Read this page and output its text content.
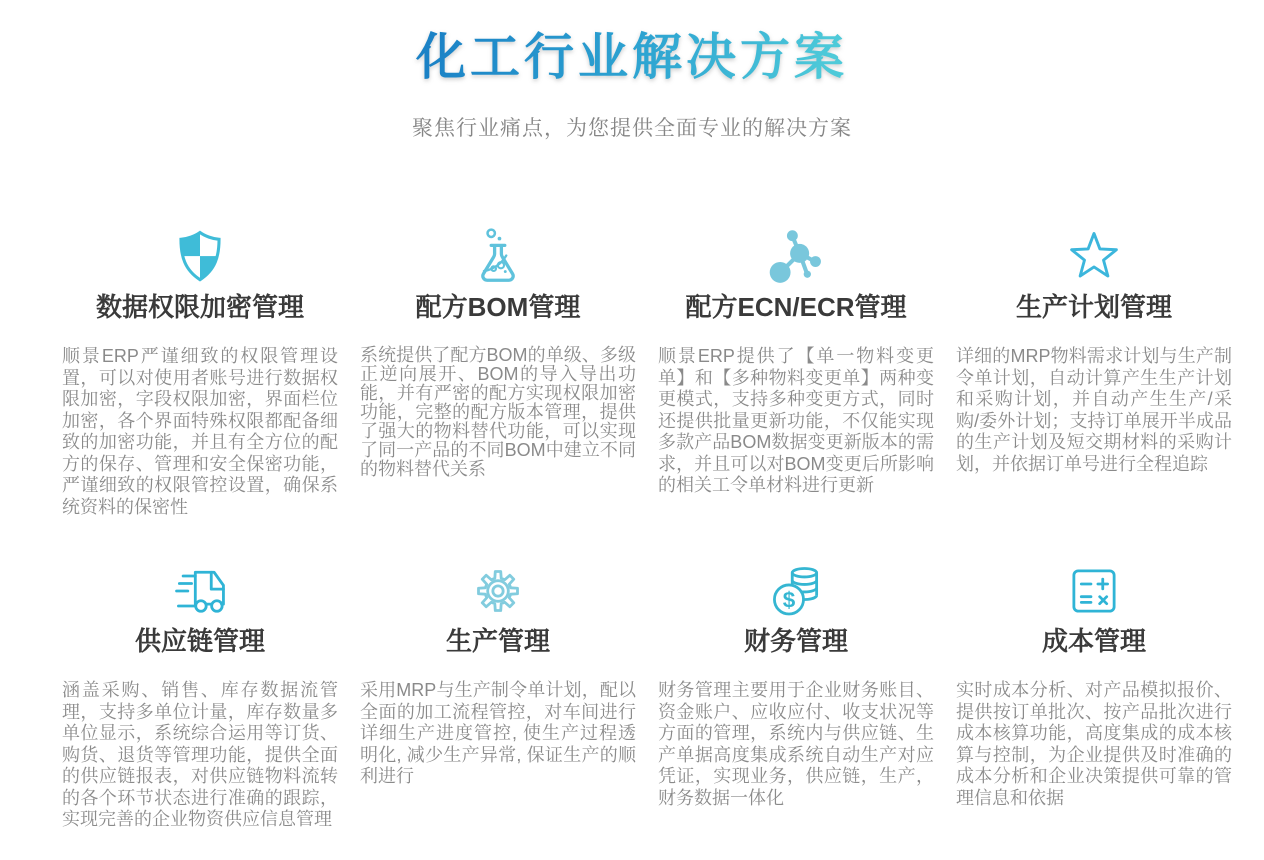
化工行业解决方案
聚焦行业痛点，为您提供全面专业的解决方案
数据权限加密管理

顺景ERP严谨细致的权限管理设置，可以对使用者账号进行数据权限加密，字段权限加密，界面栏位加密，各个界面特殊权限都配备细致的加密功能，并且有全方位的配方的保存、管理和安全保密功能，严谨细致的权限管控设置，确保系统资料的保密性

配方BOM管理

系统提供了配方BOM的单级、多级正逆向展开、BOM的导入导出功能，并有严密的配方实现权限加密功能，完整的配方版本管理，提供了强大的物料替代功能，可以实现了同一产品的不同BOM中建立不同的物料替代关系

配方ECN/ECR管理

顺景ERP提供了【单一物料变更单】和【多种物料变更单】两种变更模式，支持多种变更方式，同时还提供批量更新功能，不仅能实现多款产品BOM数据变更新版本的需求，并且可以对BOM变更后所影响的相关工令单材料进行更新

生产计划管理

详细的MRP物料需求计划与生产制令单计划，自动计算产生生产计划和采购计划，并自动产生生产/采购/委外计划；支持订单展开半成品的生产计划及短交期材料的采购计划，并依据订单号进行全程追踪

供应链管理

涵盖采购、销售、库存数据流管理，支持多单位计量，库存数量多单位显示，系统综合运用等订货、购货、退货等管理功能，提供全面的供应链报表，对供应链物料流转的各个环节状态进行准确的跟踪，实现完善的企业物资供应信息管理

生产管理

采用MRP与生产制令单计划，配以全面的加工流程管控，对车间进行详细生产进度管控, 使生产过程透明化, 减少生产异常, 保证生产的顺利进行

$
财务管理

财务管理主要用于企业财务账目、资金账户、应收应付、收支状况等方面的管理，系统内与供应链、生产单据高度集成系统自动生产对应凭证，实现业务，供应链，生产，财务数据一体化

成本管理

实时成本分析、对产品模拟报价、提供按订单批次、按产品批次进行成本核算功能，高度集成的成本核算与控制，为企业提供及时准确的成本分析和企业决策提供可靠的管理信息和依据
